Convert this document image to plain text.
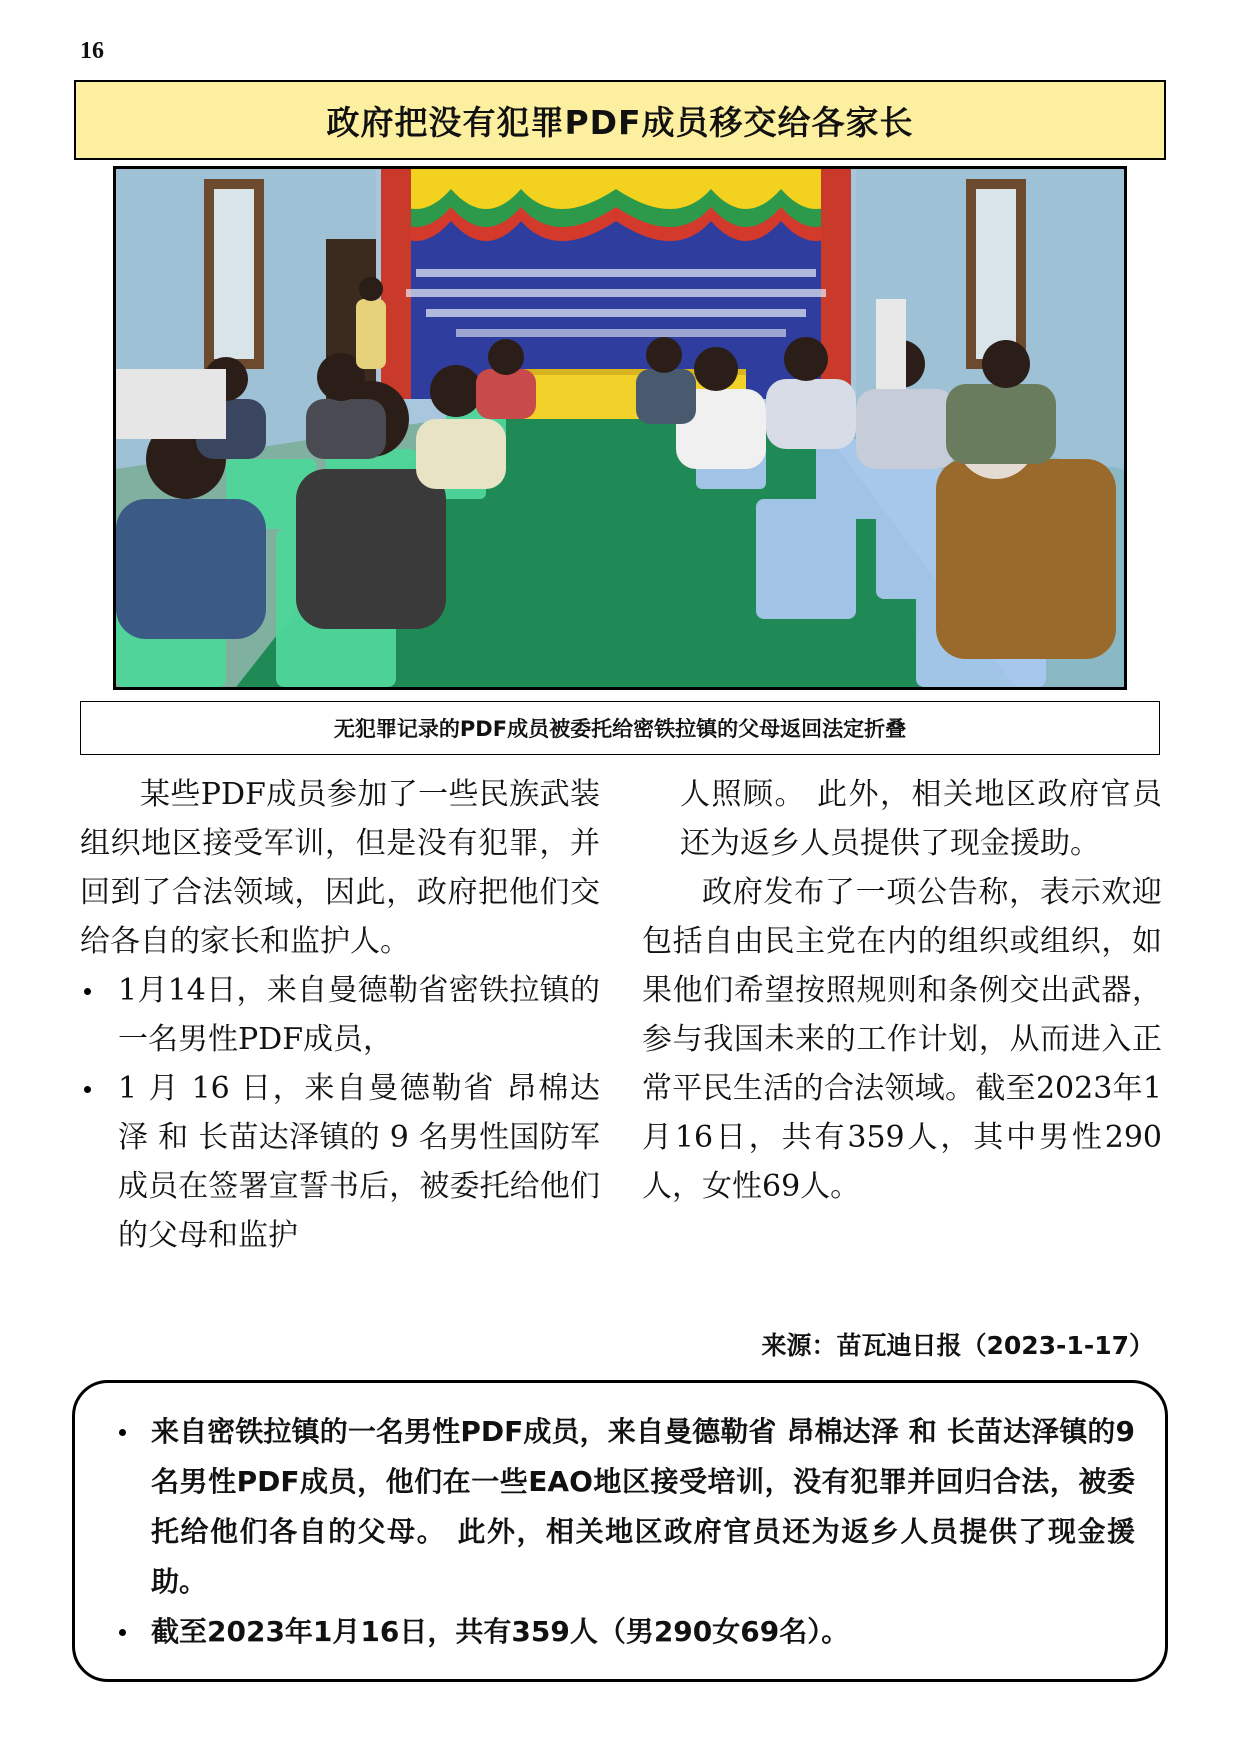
16
政府把没有犯罪PDF成员移交给各家长
无犯罪记录的PDF成员被委托给密铁拉镇的父母返回法定折叠

某些PDF成员参加了一些民族武装组织地区接受军训，但是没有犯罪，并回到了合法领域，因此，政府把他们交给各自的家长和监护人。

1月14日，来自曼德勒省密铁拉镇的一名男性PDF成员，
1 月 16 日，来自曼德勒省 昂棉达泽 和 长苗达泽镇的 9 名男性国防军成员在签署宣誓书后，被委托给他们的父母和监护

人照顾。 此外，相关地区政府官员还为返乡人员提供了现金援助。

政府发布了一项公告称，表示欢迎包括自由民主党在内的组织或组织，如果他们希望按照规则和条例交出武器，参与我国未来的工作计划，从而进入正常平民生活的合法领域。截至2023年1月16日，共有359人，其中男性290人，女性69人。

来源：苗瓦迪日报（2023-1-17）
来自密铁拉镇的一名男性PDF成员，来自曼德勒省 昂棉达泽 和 长苗达泽镇的9名男性PDF成员，他们在一些EAO地区接受培训，没有犯罪并回归合法，被委托给他们各自的父母。 此外，相关地区政府官员还为返乡人员提供了现金援助。
截至2023年1月16日，共有359人（男290女69名）。
